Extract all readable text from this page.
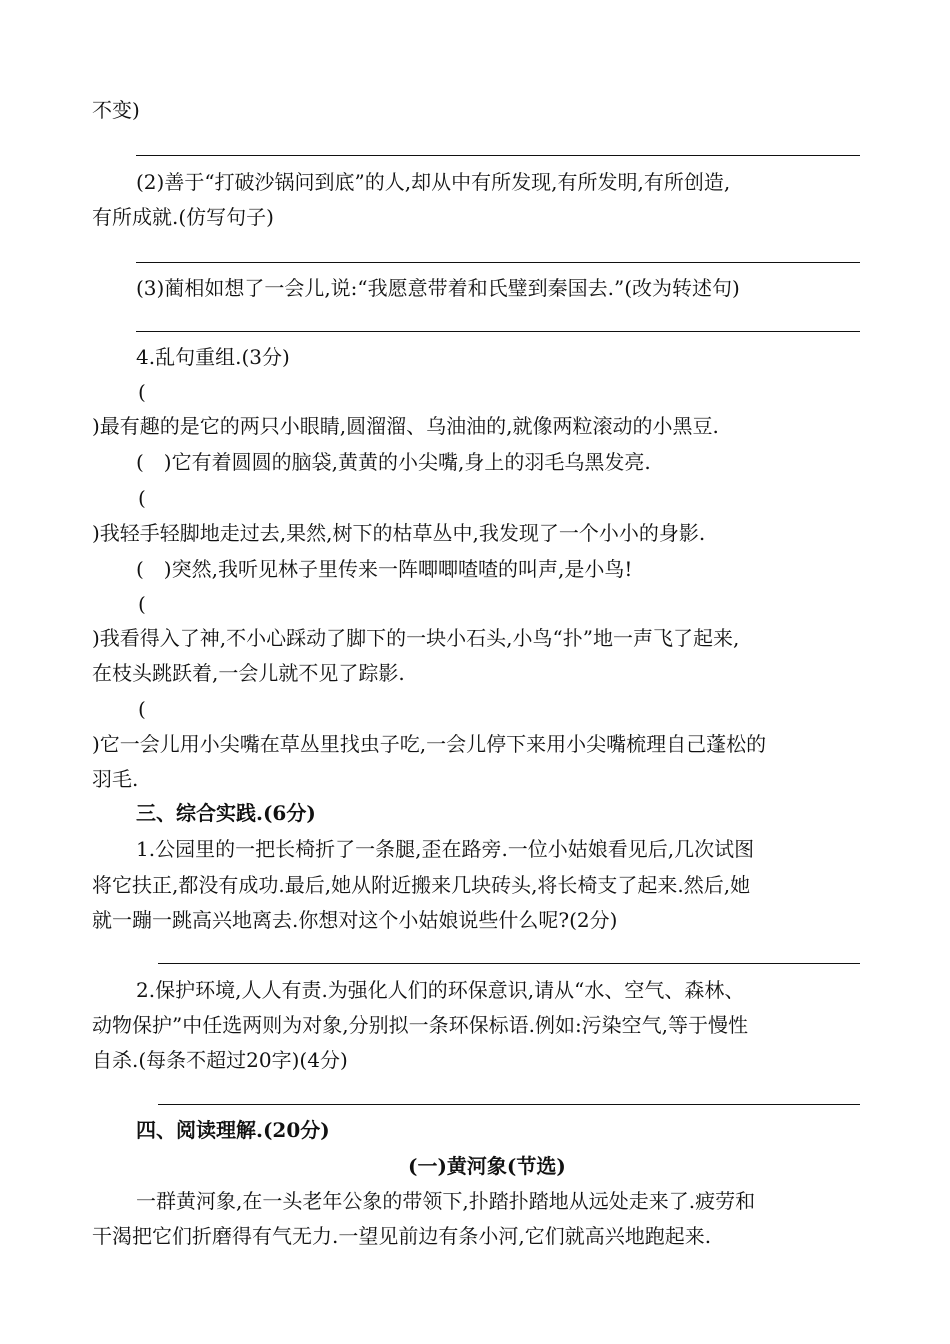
不变)
(2)善于“打破沙锅问到底”的人,却从中有所发现,有所发明,有所创造,
有所成就.(仿写句子)
(3)蔺相如想了一会儿,说:“我愿意带着和氏璧到秦国去.”(改为转述句)
4.乱句重组.(3分)
(
)最有趣的是它的两只小眼睛,圆溜溜、乌油油的,就像两粒滚动的小黑豆.
(　)它有着圆圆的脑袋,黄黄的小尖嘴,身上的羽毛乌黑发亮.
(
)我轻手轻脚地走过去,果然,树下的枯草丛中,我发现了一个小小的身影.
(　)突然,我听见林子里传来一阵唧唧喳喳的叫声,是小鸟!
(
)我看得入了神,不小心踩动了脚下的一块小石头,小鸟“扑”地一声飞了起来,
在枝头跳跃着,一会儿就不见了踪影.
(
)它一会儿用小尖嘴在草丛里找虫子吃,一会儿停下来用小尖嘴梳理自己蓬松的
羽毛.
三、综合实践.(6分)
1.公园里的一把长椅折了一条腿,歪在路旁.一位小姑娘看见后,几次试图
将它扶正,都没有成功.最后,她从附近搬来几块砖头,将长椅支了起来.然后,她
就一蹦一跳高兴地离去.你想对这个小姑娘说些什么呢?(2分)
2.保护环境,人人有责.为强化人们的环保意识,请从“水、空气、森林、
动物保护”中任选两则为对象,分别拟一条环保标语.例如:污染空气,等于慢性
自杀.(每条不超过20字)(4分)
四、阅读理解.(20分)
(一)黄河象(节选)
一群黄河象,在一头老年公象的带领下,扑踏扑踏地从远处走来了.疲劳和
干渴把它们折磨得有气无力.一望见前边有条小河,它们就高兴地跑起来.
